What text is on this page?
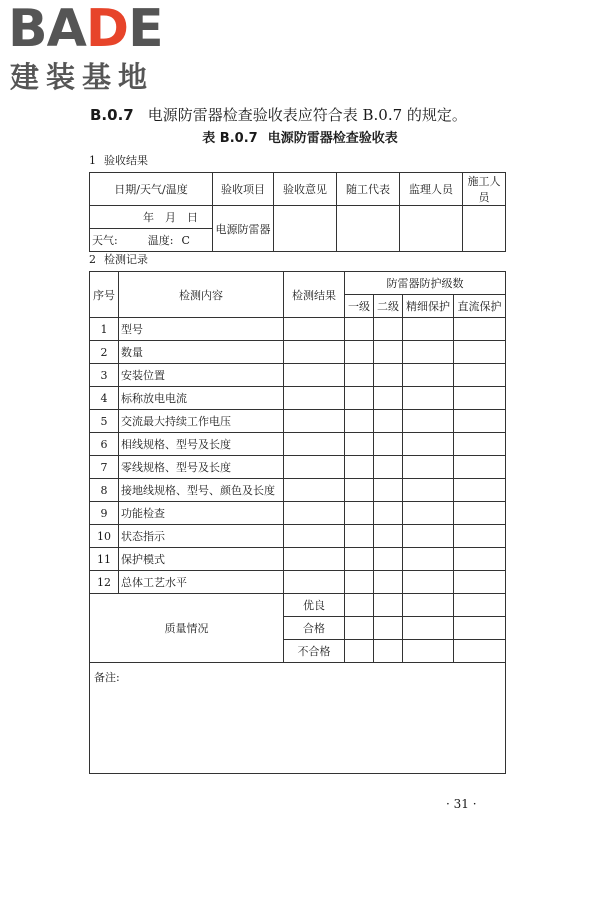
BADE
建装基地
B.0.7 电源防雷器检查验收表应符合表 B.0.7 的规定。
表 B.0.7 电源防雷器检查验收表
1 验收结果
日期/天气/温度	验收项目	验收意见	随工代表	监理人员	施工人员
年　月　日	电源防雷器				
天气: 温度: C					
2 检测记录
序号	检测内容	检测结果	防雷器防护级数			
			一级	二级	精细保护	直流保护
1	型号					
2	数量					
3	安装位置					
4	标称放电电流					
5	交流最大持续工作电压					
6	相线规格、型号及长度					
7	零线规格、型号及长度					
8	接地线规格、型号、颜色及长度					
9	功能检查					
10	状态指示					
11	保护模式					
12	总体工艺水平					
质量情况		优良				
		合格				
		不合格				

备注:						
· 31 ·
